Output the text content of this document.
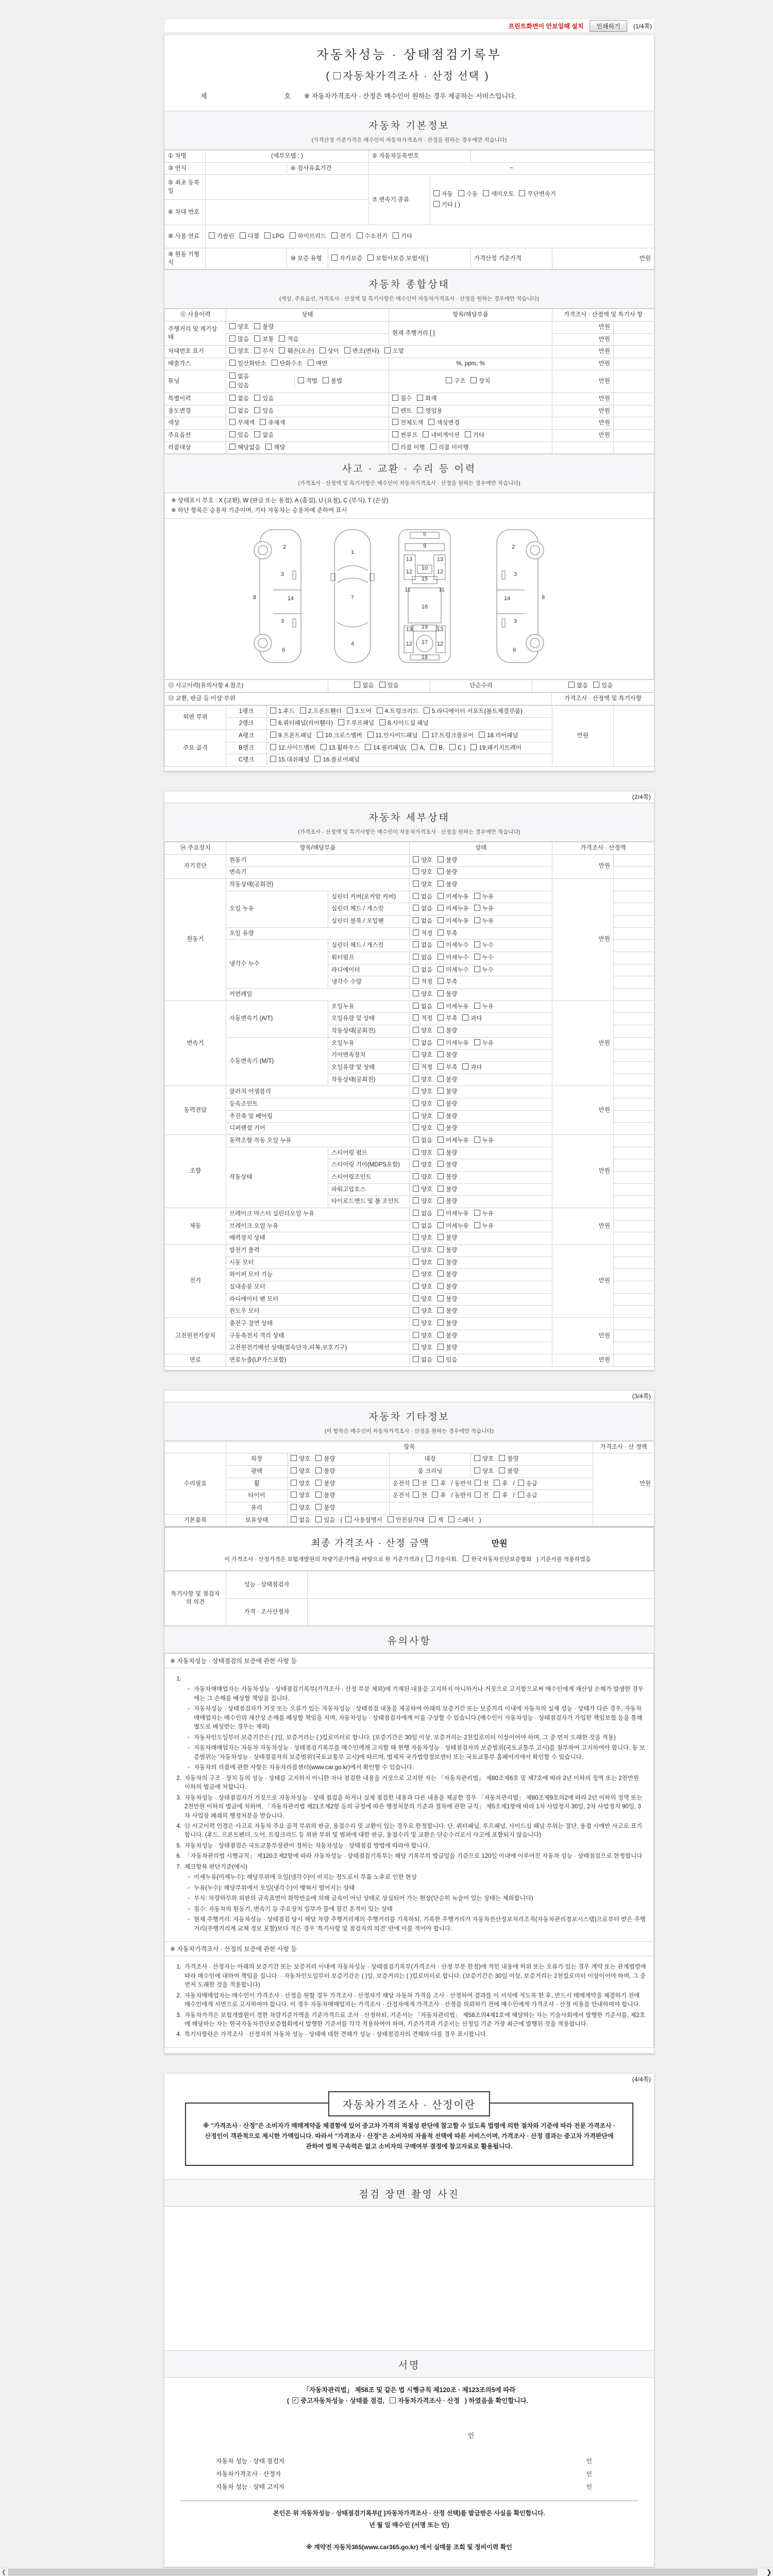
프린트화면이 안보일때 설치	인쇄하기	(1/4쪽)
자동차성능 · 상태점검기록부
(자동차가격조사 · 산정 선택)
제	호 ※ 자동차가격조사 · 산정은 매수인이 원하는 경우 제공하는 서비스입니다.
자동차 기본정보
(가격산정 기준가격은 매수인이 자동차가격조사 · 산정을 원하는 경우에만 적습니다)
① 차명	(세부모델 : )			② 자동차등록번호			
③ 연식		④ 검사유효기간		~			
⑤ 최초 등록일				⑦ 변속기 종류	자동 수동 세미오토 무단변속기
기타 ( )		

⑥ 차대 번호							
⑧ 사용 연료	가솔린 디젤 LPG 하이브리드 전기 수소전기 기타						
⑨ 원동 기형식		⑩ 보증 유형	자가보증 보험사보증 보험사[ ]			가격산정 기준가격	만원
자동차 종합상태
(색상, 주요옵션, 가격조사 · 산정액 및 특기사항은 매수인이 자동차가격조사 · 산정을 원하는 경우에만 적습니다)
⑪ 사용이력	상태	항목/해당부품	가격조사 · 산정액 및 특기사 항	
주행거리 및 계기상태	양호 불량	현재 주행거리 [ ]	만원	
	많음 보통 적음		만원	
차대번호 표기	양호 부식 훼손(오손) 상이 변조(변타) 도말		만원	
배출가스	일산화탄소 탄화수소 매연	%, ppm, %	만원	
튜닝	없음
있음
적법 불법	구조 장치	만원	
특별이력	없음 있음	침수 화재	만원	
용도변경	없음 있음	렌트 영업용	만원	
색상	무채색 유채색	전체도색 색상변경	만원	
주요옵션	있음 없음	썬루프 네비게이션 기타	만원	
리콜대상	해당없음 해당	리콜 이행 리콜 미이행		
사고 · 교환 · 수리 등 이력
(가격조사 · 산정액 및 특기사항은 매수인이 자동차가격조사 · 산정을 원하는 경우에만 적습니다)
※ 상태표시 부호 : X (교환), W (판금 또는 용접), A (흠집), U (요철), C (부식), T (손상)
※ 하단 항목은 승용차 기준이며, 기타 자동차는 승용차에 준하여 표시
2
3
14
3
6
8
1
7
4
5
9
13	13
12	12
10
15
11	11
16
19
13	13
17
12	12
18
2
3
14
3
6
8
⑫ 사고이력(유의사항 4.참조)	없음 있음	단순수리	없음 있음
⑬ 교환, 판금 등 이상 부위	가격조사 · 산정액 및 특기사항
외판 부위	1랭크	1.후드 2.프론트휀더 3.도어 4.트렁크리드 5.라디에이터 서포트(볼트체결부품)	만원	
	2랭크	6.쿼터패널(리어휀다) 7.루프패널 8.사이드실 패널		
주요 골격	A랭크	9.프론트패널 10.크로스멤버 11.인사이드패널 17.트렁크플로어 18.리어패널		
	B랭크	12.사이드멤버 13.휠하우스 14.필러패널( A, B, C ) 19.패키지트레이		
	C랭크	15.대쉬패널 16.플로어패널		
(2/4쪽)
자동차 세부상태
(가격조사 · 산정액 및 특기사항은 매수인이 자동차가격조사 · 산정을 원하는 경우에만 적습니다)
⑭ 주요장치	항목/해당부품		상태	가격조사 · 산정액	
자기진단	원동기		양호 불량	만원	
	변속기		양호 불량		
원동기	작동상태(공회전)		양호 불량	만원	
	오일 누유	실린더 커버(로커암 커버)	없음 미세누유 누유		
		실린더 헤드 / 개스킷	없음 미세누유 누유		
		실린더 블록 / 오일팬	없음 미세누유 누유		
	오일 유량		적정 부족		
	냉각수 누수	실린더 헤드 / 개스킷	없음 미세누수 누수		
		워터펌프	없음 미세누수 누수		
		라디에이터	없음 미세누수 누수		
		냉각수 수량	적정 부족		
	커먼레일		양호 불량		
변속기	자동변속기 (A/T)	오일누유	없음 미세누유 누유	만원	
		오일유량 및 상태	적정 부족 과다		
		작동상태(공회전)	양호 불량		
	수동변속기 (M/T)	오일누유	없음 미세누유 누유		
		기어변속장치	양호 불량		
		오일유량 및 상태	적정 부족 과다		
		작동상태(공회전)	양호 불량		
동력전달	클러치 어셈블리		양호 불량	만원	
	등속조인트		양호 불량		
	추진축 및 베어링		양호 불량		
	디퍼렌셜 기어		양호 불량		
조향	동력조향 작동 오일 누유		없음 미세누유 누유	만원	
	작동상태	스티어링 펌프	양호 불량		
		스티어링 기어(MDPS포함)	양호 불량		
		스티어링조인트	양호 불량		
		파워고압호스	양호 불량		
		타이로드엔드 및 볼 조인트	양호 불량		
제동	브레이크 마스터 실린더오일 누유		없음 미세누유 누유	만원	
	브레이크 오일 누유		없음 미세누유 누유		
	배력장치 상태		양호 불량		
전기	발전기 출력		양호 불량	만원	
	시동 모터		양호 불량		
	와이퍼 모터 기능		양호 불량		
	실내송풍 모터		양호 불량		
	라디에이터 팬 모터		양호 불량		
	윈도우 모터		양호 불량		
고전원전기장치	충전구 절연 상태		양호 불량	만원	
	구동축전지 격리 상태		양호 불량		
	고전원전기배선 상태(접속단자,피복,보호기구)		양호 불량		
연료	연료누출(LP가스포함)		없음 있음	만원	
(3/4쪽)
자동차 기타정보
(이 항목은 매수인이 자동차가격조사 · 산정을 원하는 경우에만 적습니다)
	항목				가격조사 · 산 정액
수리필요	외장	양호 불량	내장	양호 불량	만원
	광택	양호 불량	룸 크리닝	양호 불량	
	휠	양호 불량	운전석 전 후 / 동반석 전 후 / 응급		
	타이어	양호 불량	운전석 전 후 / 동반석 전 후 / 응급		
	유리	양호 불량			
기본품목	보유상태	없음 있음 (사용설명서 안전삼각대 잭 스패너)			
최종 가격조사 · 산정 금액	만원
이 가격조사 · 산정가격은 보험개발원의 차량기준가액을 바탕으로 한 기준가격과 (기술사회, 한국자동차진단보증협회) 기준서를 적용하였음
특기사항 및 점검자의 의견	성능 · 상태점검자	
	가격 · 조사산정자	
유의사항
※ 자동차성능 · 상태점검의 보증에 관한 사항 등
1.
◦ 자동차매매업자는 자동차성능 · 상태점검기록부(가격조사 · 산정 부분 제외)에 기재된 내용을 고지하지 아니하거나 거짓으로 고지함으로써 매수인에게 재산상 손해가 발생한 경우에는 그 손해를 배상할 책임을 집니다.
◦ 자동차성능 · 상태점검자가 거짓 또는 오류가 있는 자동차성능 · 상태점검 내용을 제공하여 아래의 보증기간 또는 보증거리 이내에 자동차의 실제 성능 · 상태가 다른 경우, 자동차매매업자는 매수인의 재산상 손해를 배상할 책임을 지며, 자동차성능 · 상태점검자에게 이를 구상할 수 있습니다.(매수인이 자동차성능 · 상태점검자가 가입한 책임보험 등을 통해 별도로 배상받는 경우는 제외)
◦ 자동차인도일부터 보증기간은 ( )일, 보증거리는 ( )킬로미터로 합니다. (보증기간은 30일 이상, 보증거리는 2천킬로미터 이상이어야 하며, 그 중 먼저 도래한 것을 적용)
◦ 자동차매매업자는 자동차 자동차성능 · 상태점검기록부를 매수인에게 고지할 때 현행 자동차성능 · 상태점검자의 보증범위(국토교통부 고시)를 첨부하여 고지하여야 합니다. 동 보증범위는 '자동차성능 · 상태점검자의 보증범위'(국토교통부 고시)에 따르며, 법제처 국가법령정보센터 또는 국토교통부 홈페이지에서 확인할 수 있습니다.
◦ 자동차의 리콜에 관한 사항은 자동차리콜센터(www.car.go.kr)에서 확인할 수 있습니다.
2. 자동차의 구조 · 장치 등의 성능 · 상태를 고지하지 아니한 자나 점검한 내용을 거짓으로 고지한 자는 「자동차관리법」 제80조제6호 및 제7호에 따라 2년 이하의 징역 또는 2천만원 이하의 벌금에 처합니다.
3. 자동차성능 · 상태점검자가 거짓으로 자동차성능 · 상태 점검을 하거나 실제 점검한 내용과 다른 내용을 제공한 경우 「자동차관리법」 제80조제9호의2에 따라 2년 이하의 징역 또는 2천만원 이하의 벌금에 처하며, 「자동차관리법 제21조제2항 등의 규정에 따른 행정처분의 기준과 절차에 관한 규칙」 제5조제1항에 따라 1차 사업정지 30일, 2차 사업정지 90일, 3차 사업장 폐쇄의 행정처분을 받습니다.
4. ⑫ 사고이력 인정은 사고로 자동차 주요 골격 부위의 판금, 용접수리 및 교환이 있는 경우로 한정합니다. 단, 쿼터패널, 루프패널, 사이드실 패널 부위는 절단, 용접 시에만 사고로 표기합니다. (후드, 프론트펜더, 도어, 트렁크리드 등 외판 부위 및 범퍼에 대한 판금, 용접수리 및 교환은 단순수리로서 사고에 포함되지 않습니다)
5. 자동차성능 · 상태점검은 국토교통부장관이 정하는 자동차성능 · 상태점검 방법에 따라야 합니다.
6. 「자동차관리법 시행규칙」 제120조제2항에 따라 자동차성능 · 상태점검기록부는 해당 기록부의 발급일을 기준으로 120일 이내에 이루어진 자동차 성능 · 상태점검으로 한정합니다
7. 체크항목 판단기준(예시)
◦ 미세누유(미세누수): 해당부위에 오일(냉각수)이 비치는 정도로서 부품 노후로 인한 현상
◦ 누유(누수): 해당부위에서 오일(냉각수)이 맺혀서 떨어지는 상태
◦ 부식: 차량하부와 외판의 금속표면이 화학반응에 의해 금속이 아닌 상태로 상실되어 가는 현상(단순히 녹슬어 있는 상태는 제외합니다)
◦ 침수: 자동차의 원동기, 변속기 등 주요장치 일부가 물에 잠긴 흔적이 있는 상태
◦ 현재 주행거리: 자동차성능 · 상태점검 당시 해당 차량 주행거리계의 주행거리를 기록하되, 기록한 주행거리가 자동차전산정보처리조직(자동차관리정보시스템)으로부터 받은 주행거리(주행거리계 교체 정보 포함)보다 적은 경우 '특기사항 및 점검자의 의견' 란에 이를 적어야 합니다.
※ 자동차가격조사 · 산정의 보증에 관한 사항 등
1. 가격조사 · 산정자는 아래의 보증기간 또는 보증거리 이내에 자동차성능 · 상태점검기록부(가격조사 · 산정 부분 한정)에 적힌 내용에 허위 또는 오류가 있는 경우 계약 또는 관계법령에 따라 매수인에 대하여 책임을 집니다. · 자동차인도일부터 보증기간은 ( )일, 보증거리는 ( )킬로미터로 합니다. (보증기간은 30일 이상, 보증거리는 2천킬로미터 이상이어야 하며, 그 중 먼저 도래한 것을 적용합니다)
2. 자동차매매업자는 매수인이 가격조사 · 산정을 원할 경우 가격조사 · 산정자가 해당 자동차 가격을 조사 · 산정하여 결과를 이 서식에 적도록 한 후, 반드시 매매계약을 체결하기 전에 매수인에게 서면으로 고지하여야 합니다. 이 경우 자동차매매업자는 가격조사 · 산정자에게 가격조사 · 산정을 의뢰하기 전에 매수인에게 가격조사 · 산정 비용을 안내하여야 합니다.
3. 자동차가격은 보험개발원이 정한 차량기준가액을 기준가격으로 조사 · 산정하되, 기준서는 「자동차관리법」 제58조의4제1호에 해당하는 자는 기술사회에서 발행한 기준서를, 제2호에 해당하는 자는 한국자동차진단보증협회에서 발행한 기준서를 각각 적용하여야 하며, 기준가격과 기준서는 산정일 기준 가장 최근에 발행된 것을 적용합니다.
4. 특기사항란은 가격조사 · 산정자의 자동차 성능 · 상태에 대한 견해가 성능 · 상태점검자의 견해와 다를 경우 표시합니다.
(4/4쪽)
자동차가격조사 · 산정이란
※ "가격조사 · 산정"은 소비자가 매매계약을 체결함에 있어 중고차 가격의 적절성 판단에 참고할 수 있도록 법령에 의한 절차와 기준에 따라 전문 가격조사 · 산정인이 객관적으로 제시한 가액입니다. 따라서 "가격조사 · 산정"은 소비자의 자율적 선택에 따른 서비스이며, 가격조사 · 산정 결과는 중고차 가격판단에 관하여 법적 구속력은 없고 소비자의 구매여부 결정에 참고자료로 활용됩니다.
점검 장면 촬영 사진
서명
「자동차관리법」 제58조 및 같은 법 시행규칙 제120조 · 제123조의5에 따라
(✓중고자동차성능 · 상태를 점검, 자동차가격조사 · 산정) 하였음을 확인합니다.
인
자동차 성능 · 상태 점검자	인
자동차가격조사 · 산정자	인
자동차 성능 · 상태 고지자	인
본인은 위 자동차성능 · 상태점검기록부([ ]자동차가격조사 · 산정 선택)를 발급받은 사실을 확인합니다.
년 월 일 매수인 (서명 또는 인)
※ 계약전 자동차365(www.car365.go.kr) 에서 실매물 조회 및 정비이력 확인
❮	❯
